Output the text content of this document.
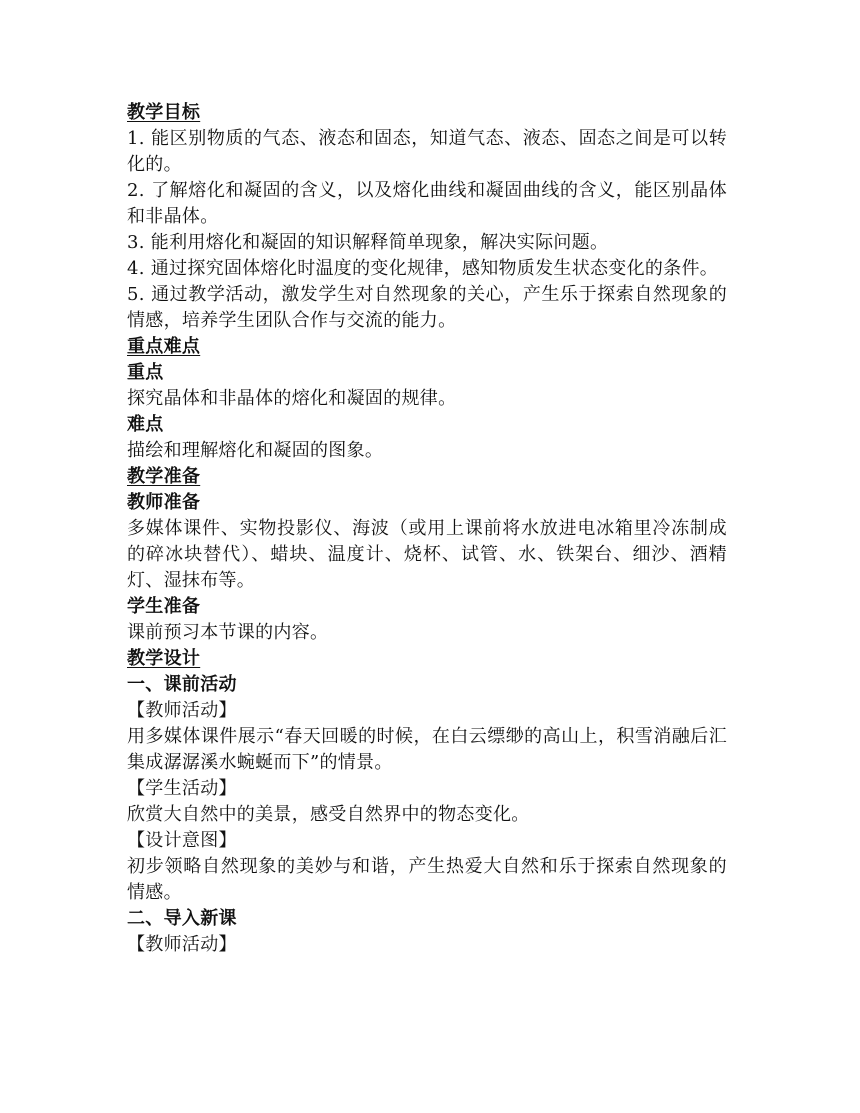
教学目标
1. 能区别物质的气态、液态和固态，知道气态、液态、固态之间是可以转化的。
2. 了解熔化和凝固的含义，以及熔化曲线和凝固曲线的含义，能区别晶体和非晶体。
3. 能利用熔化和凝固的知识解释简单现象，解决实际问题。
4. 通过探究固体熔化时温度的变化规律，感知物质发生状态变化的条件。
5. 通过教学活动，激发学生对自然现象的关心，产生乐于探索自然现象的情感，培养学生团队合作与交流的能力。
重点难点
重点
探究晶体和非晶体的熔化和凝固的规律。
难点
描绘和理解熔化和凝固的图象。
教学准备
教师准备
多媒体课件、实物投影仪、海波（或用上课前将水放进电冰箱里冷冻制成的碎冰块替代）、蜡块、温度计、烧杯、试管、水、铁架台、细沙、酒精灯、湿抹布等。
学生准备
课前预习本节课的内容。
教学设计
一、课前活动
【教师活动】
用多媒体课件展示“春天回暖的时候，在白云缥缈的高山上，积雪消融后汇集成潺潺溪水蜿蜒而下”的情景。
【学生活动】
欣赏大自然中的美景，感受自然界中的物态变化。
【设计意图】
初步领略自然现象的美妙与和谐，产生热爱大自然和乐于探索自然现象的情感。
二、导入新课
【教师活动】
